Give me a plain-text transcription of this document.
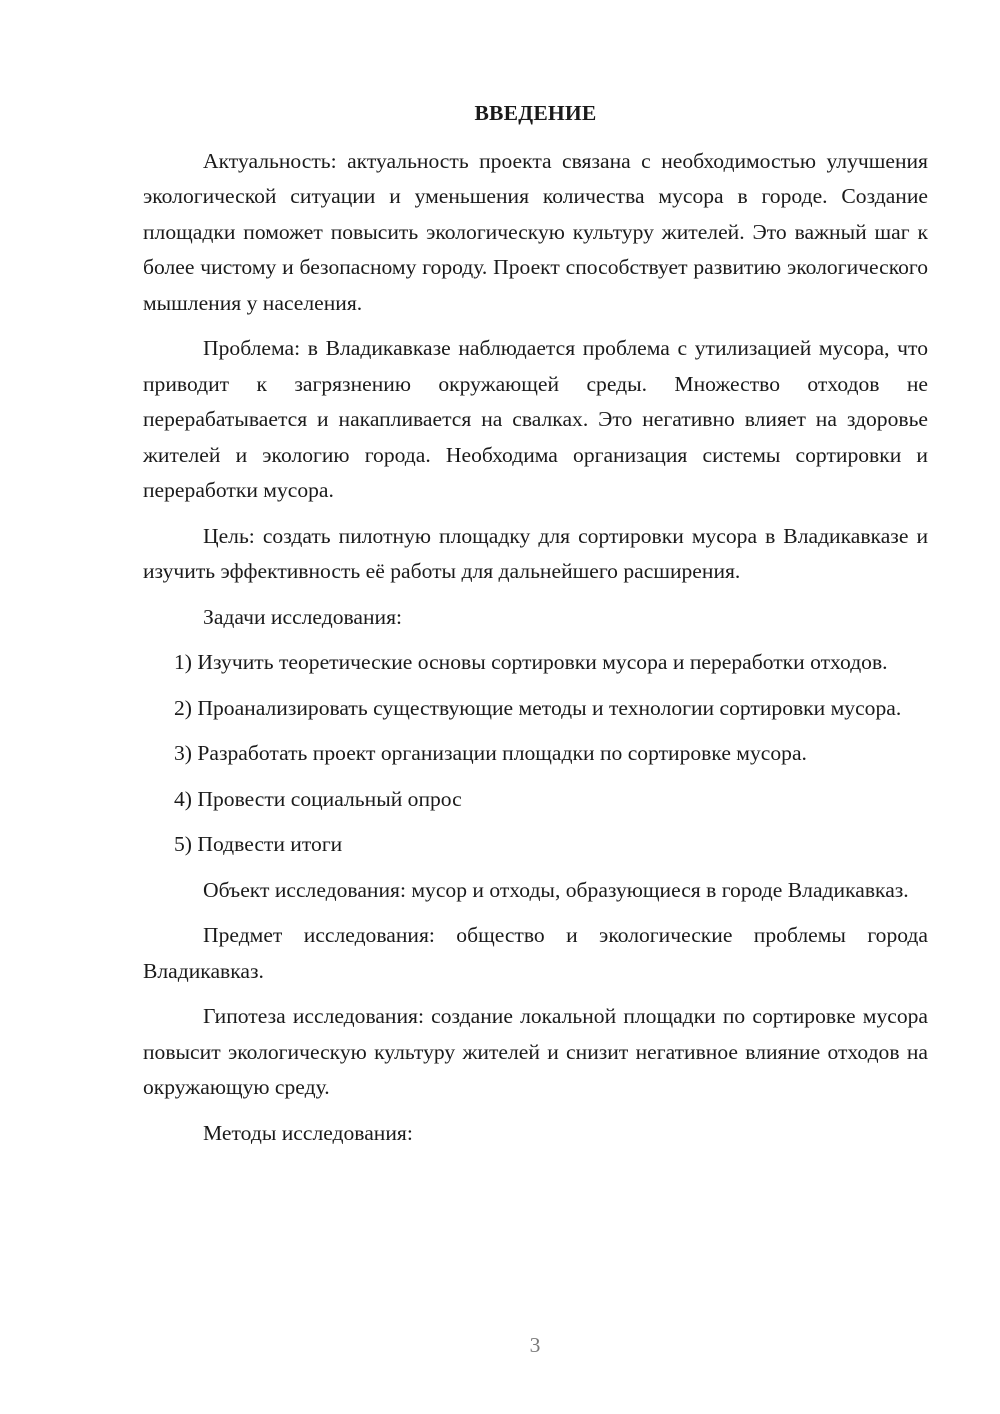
ВВЕДЕНИЕ

Актуальность: актуальность проекта связана с необходимостью улучшения экологической ситуации и уменьшения количества мусора в городе. Создание площадки поможет повысить экологическую культуру жителей. Это важный шаг к более чистому и безопасному городу. Проект способствует развитию экологического мышления у населения.

Проблема: в Владикавказе наблюдается проблема с утилизацией мусора, что приводит к загрязнению окружающей среды. Множество отходов не перерабатывается и накапливается на свалках. Это негативно влияет на здоровье жителей и экологию города. Необходима организация системы сортировки и переработки мусора.

Цель: создать пилотную площадку для сортировки мусора в Владикавказе и изучить эффективность её работы для дальнейшего расширения.

Задачи исследования:

1) Изучить теоретические основы сортировки мусора и переработки отходов.

2) Проанализировать существующие методы и технологии сортировки мусора.

3) Разработать проект организации площадки по сортировке мусора.

4) Провести социальный опрос

5) Подвести итоги

Объект исследования: мусор и отходы, образующиеся в городе Владикавказ.

Предмет исследования: общество и экологические проблемы города Владикавказ.

Гипотеза исследования: создание локальной площадки по сортировке мусора повысит экологическую культуру жителей и снизит негативное влияние отходов на окружающую среду.

Методы исследования:

3
